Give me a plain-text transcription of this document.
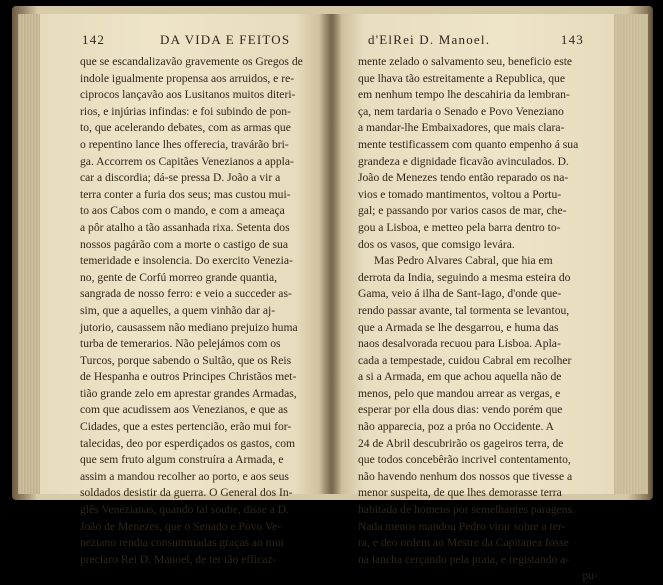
142	DA VIDA E FEITOS
que se escandalizavão gravemente os Gregos de
indole igualmente propensa aos arruidos, e re-
ciprocos lançavão aos Lusitanos muitos diteri-
rios, e injúrias infindas: e foi subindo de pon-
to, que acelerando debates, com as armas que
o repentino lance lhes offerecia, travárão bri-
ga. Accorrem os Capitães Venezianos a appla-
car a discordia; dá-se pressa D. João a vir a
terra conter a furia dos seus; mas custou mui-
to aos Cabos com o mando, e com a ameaça
a pôr atalho a tão assanhada rixa. Setenta dos
nossos pagárão com a morte o castigo de sua
temeridade e insolencia. Do exercito Venezia-
no, gente de Corfú morreo grande quantia,
sangrada de nosso ferro: e veio a succeder as-
sim, que a aquelles, a quem vinhão dar aj-
jutorio, causassem não mediano prejuizo huma
turba de temerarios. Não pelejámos com os
Turcos, porque sabendo o Sultão, que os Reis
de Hespanha e outros Principes Christãos met-
tião grande zelo em aprestar grandes Armadas,
com que acudissem aos Venezianos, e que as
Cidades, que a estes pertencião, erão mui for-
talecidas, deo por esperdiçados os gastos, com
que sem fruto algum construíra a Armada, e
assim a mandou recolher ao porto, e aos seus
soldados desistir da guerra. O General dos In-
glês Venezianas, quando tal soube, disse a D.
João de Menezes, que o Senado e Povo Ve-
neziano rendia consummadas graças ao mui
preclaro Rei D. Manoel, de ter tão efficaz-
d'ElRei D. Manoel.	143
mente zelado o salvamento seu, beneficio este
que lhava tão estreitamente a Republica, que
em nenhum tempo lhe descahiria da lembran-
ça, nem tardaria o Senado e Povo Veneziano
a mandar-lhe Embaixadores, que mais clara-
mente testificassem com quanto empenho á sua
grandeza e dignidade ficavão avinculados. D.
João de Menezes tendo então reparado os na-
vios e tomado mantimentos, voltou a Portu-
gal; e passando por varios casos de mar, che-
gou a Lisboa, e metteo pela barra dentro to-
dos os vasos, que comsigo levára.
Mas Pedro Alvares Cabral, que hia em
derrota da India, seguindo a mesma esteira do
Gama, veio á ilha de Sant-Iago, d'onde que-
rendo passar avante, tal tormenta se levantou,
que a Armada se lhe desgarrou, e huma das
naos desalvorada recuou para Lisboa. Apla-
cada a tempestade, cuidou Cabral em recolher
a si a Armada, em que achou aquella não de
menos, pelo que mandou arrear as vergas, e
esperar por ella dous dias: vendo porém que
não apparecia, poz a próa no Occidente. A
24 de Abril descubrirão os gageiros terra, de
que todos concebêrão incrivel contentamento,
não havendo nenhum dos nossos que tivesse a
menor suspeita, de que lhes demorasse terra
habitada de homens por semelhantes paragens.
Nada menos mandou Pedro virar sobre a ter-
ra, e deo ordem ao Mestre da Capitanea fosse
na lancha cerçando pela praia, e registando a-
pu-
